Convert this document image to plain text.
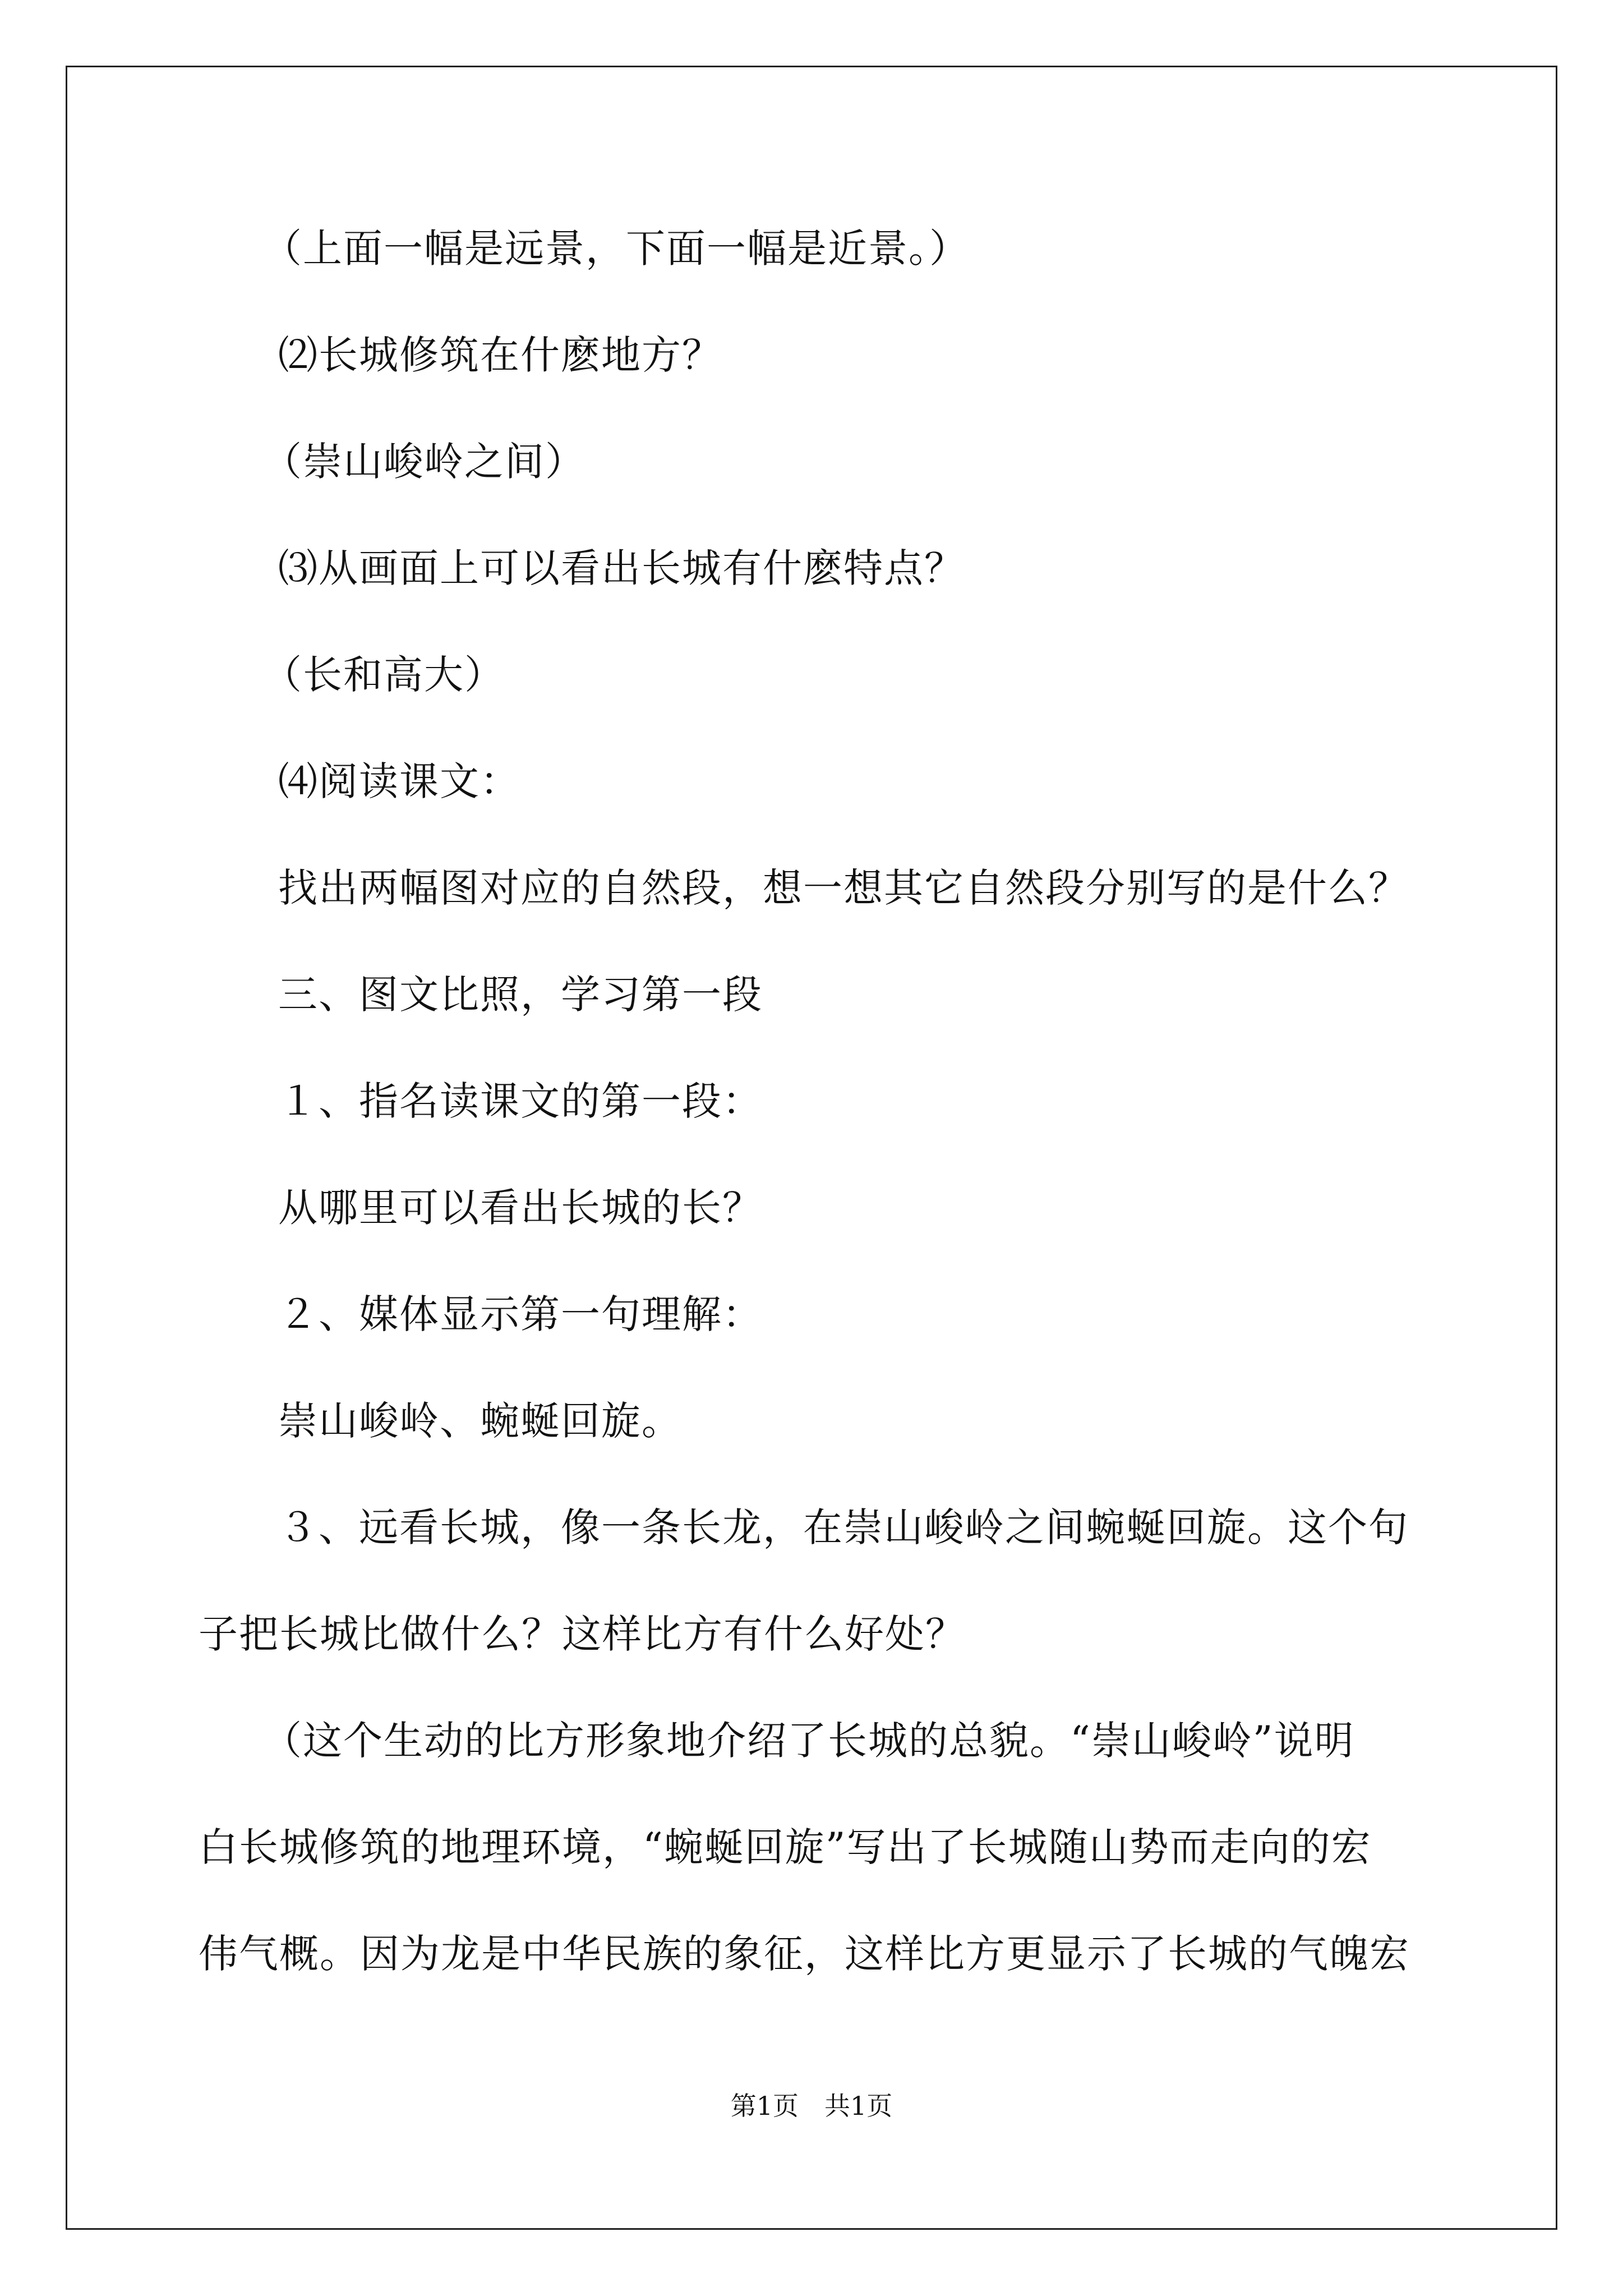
（上面一幅是远景，下面一幅是近景。）

⑵长城修筑在什麽地方？

（崇山峻岭之间）

⑶从画面上可以看出长城有什麽特点？

（长和高大）

⑷阅读课文：

找出两幅图对应的自然段，想一想其它自然段分别写的是什么？

三、图文比照，学习第一段

１、指名读课文的第一段：

从哪里可以看出长城的长？

２、媒体显示第一句理解：

崇山峻岭、蜿蜒回旋。

３、远看长城，像一条长龙，在崇山峻岭之间蜿蜒回旋。这个句

子把长城比做什么？这样比方有什么好处？

（这个生动的比方形象地介绍了长城的总貌。“崇山峻岭”说明

白长城修筑的地理环境，“蜿蜒回旋”写出了长城随山势而走向的宏

伟气概。因为龙是中华民族的象征，这样比方更显示了长城的气魄宏

第1页　共1页
